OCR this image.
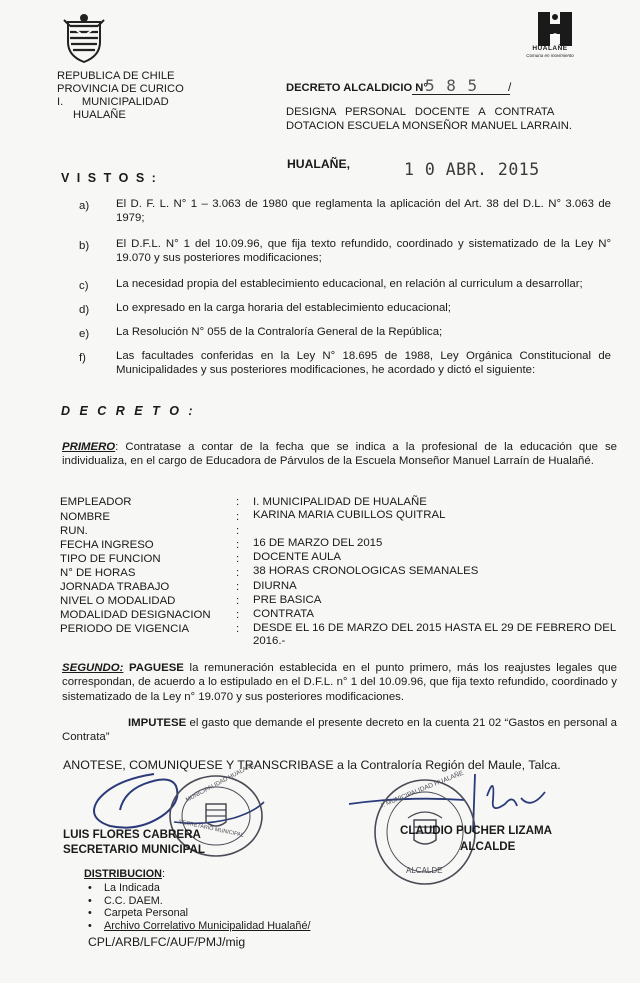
HUALAÑE
Comuna en movimiento
REPUBLICA DE CHILE
PROVINCIA DE CURICO
I.      MUNICIPALIDAD
HUALAÑE
DECRETO ALCALDICIO N°
5 8 5 /
DESIGNA   PERSONAL   DOCENTE   A   CONTRATA
DOTACION ESCUELA MONSEÑOR MANUEL LARRAIN.
HUALAÑE,	1 0 ABR. 2015
V I S T O S :
a) El D. F. L. N° 1 – 3.063 de 1980 que reglamenta la aplicación del Art. 38 del D.L. N° 3.063 de 1979;
b) El D.F.L. N° 1 del 10.09.96, que fija texto refundido, coordinado y sistematizado de la Ley N° 19.070 y sus posteriores modificaciones;
c) La necesidad propia del establecimiento educacional, en relación al curriculum a desarrollar;
d) Lo expresado en la carga horaria del establecimiento educacional;
e) La Resolución N° 055 de la Contraloría General de la República;
f)	Las facultades conferidas en la Ley N° 18.695 de 1988, Ley Orgánica Constitucional de Municipalidades y sus posteriores modificaciones, he acordado y dictó el siguiente:
D E C R E T O :
PRIMERO: Contratase a contar de la fecha que se indica a la profesional de la educación que se individualiza, en el cargo de Educadora de Párvulos de la Escuela Monseñor Manuel Larraín de Hualañé.
EMPLEADOR	: I. MUNICIPALIDAD DE HUALAÑE
NOMBRE	: KARINA MARIA CUBILLOS QUITRAL
RUN.	:
FECHA INGRESO	: 16 DE MARZO DEL 2015
TIPO DE FUNCION	: DOCENTE AULA
N° DE HORAS	: 38 HORAS CRONOLOGICAS SEMANALES
JORNADA TRABAJO	: DIURNA
NIVEL O MODALIDAD	: PRE BASICA
MODALIDAD DESIGNACION : CONTRATA
PERIODO DE VIGENCIA	: DESDE EL 16 DE MARZO DEL 2015 HASTA EL 29 DE FEBRERO DEL 2016.-
SEGUNDO: PAGUESE la remuneración establecida en el punto primero, más los reajustes legales que correspondan, de acuerdo a lo estipulado en el D.F.L. n° 1 del 10.09.96, que fija texto refundido, coordinado y sistematizado de la Ley n° 19.070 y sus posteriores modificaciones.
IMPUTESE el gasto que demande el presente decreto en la cuenta 21 02 “Gastos en personal a Contrata”
ANOTESE, COMUNIQUESE Y TRANSCRIBASE a la Contraloría Región del Maule, Talca.
MUNICIPALIDAD HUALAÑE
SECRETARIO MUNICIPAL
I. MUNICIPALIDAD HUALAÑE
ALCALDE
LUIS FLORES CABRERA
SECRETARIO MUNICIPAL
CLAUDIO PUCHER LIZAMA
ALCALDE
DISTRIBUCION :
• La Indicada
• C.C. DAEM.
• Carpeta Personal
• Archivo Correlativo Municipalidad Hualañé/
CPL/ARB/LFC/AUF/PMJ/mig
